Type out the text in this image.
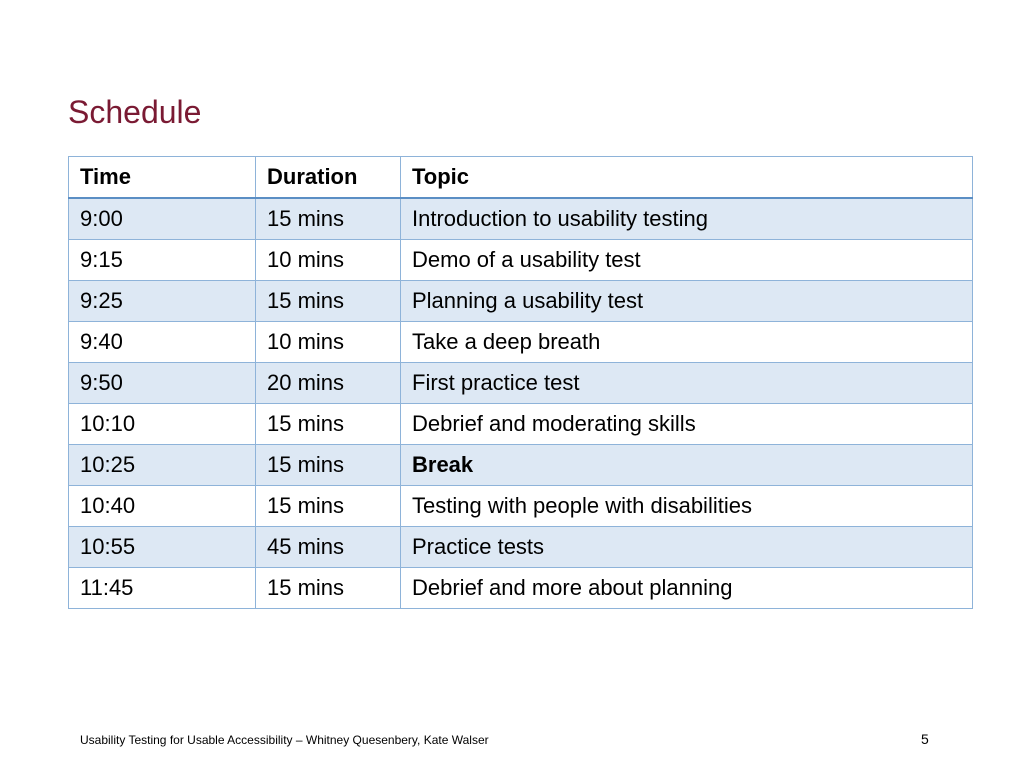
Schedule
Time	Duration	Topic
9:00	15 mins	Introduction to usability testing
9:15	10 mins	Demo of a usability test
9:25	15 mins	Planning a usability test
9:40	10 mins	Take a deep breath
9:50	20 mins	First practice test
10:10	15 mins	Debrief and moderating skills
10:25	15 mins	Break
10:40	15 mins	Testing with people with disabilities
10:55	45 mins	Practice tests
11:45	15 mins	Debrief and more about planning
Usability Testing for Usable Accessibility – Whitney Quesenbery, Kate Walser	5
